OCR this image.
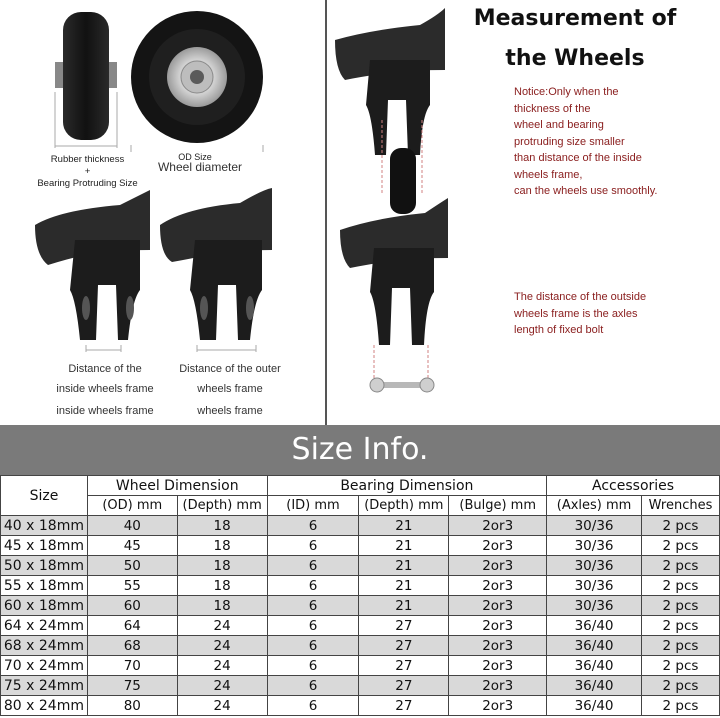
Rubber thickness
+
Bearing Protruding Size
OD Size
Wheel diameter
Distance of the
inside wheels frame
inside wheels frame
Distance of the outer
wheels frame
wheels frame
Measurement of
the Wheels
Notice:Only when the
thickness of the
wheel and bearing
protruding size smaller
than distance of the inside
wheels frame,
can the wheels use smoothly.
The distance of the outside
wheels frame is the axles
length of fixed bolt
Size Info.
Size	Wheel Dimension		Bearing Dimension			Accessories	
	(OD) mm	(Depth) mm	(ID) mm	(Depth) mm	(Bulge) mm	(Axles) mm	Wrenches
40 x 18mm	40	18	6	21	2or3	30/36	2 pcs
45 x 18mm	45	18	6	21	2or3	30/36	2 pcs
50 x 18mm	50	18	6	21	2or3	30/36	2 pcs
55 x 18mm	55	18	6	21	2or3	30/36	2 pcs
60 x 18mm	60	18	6	21	2or3	30/36	2 pcs
64 x 24mm	64	24	6	27	2or3	36/40	2 pcs
68 x 24mm	68	24	6	27	2or3	36/40	2 pcs
70 x 24mm	70	24	6	27	2or3	36/40	2 pcs
75 x 24mm	75	24	6	27	2or3	36/40	2 pcs
80 x 24mm	80	24	6	27	2or3	36/40	2 pcs
